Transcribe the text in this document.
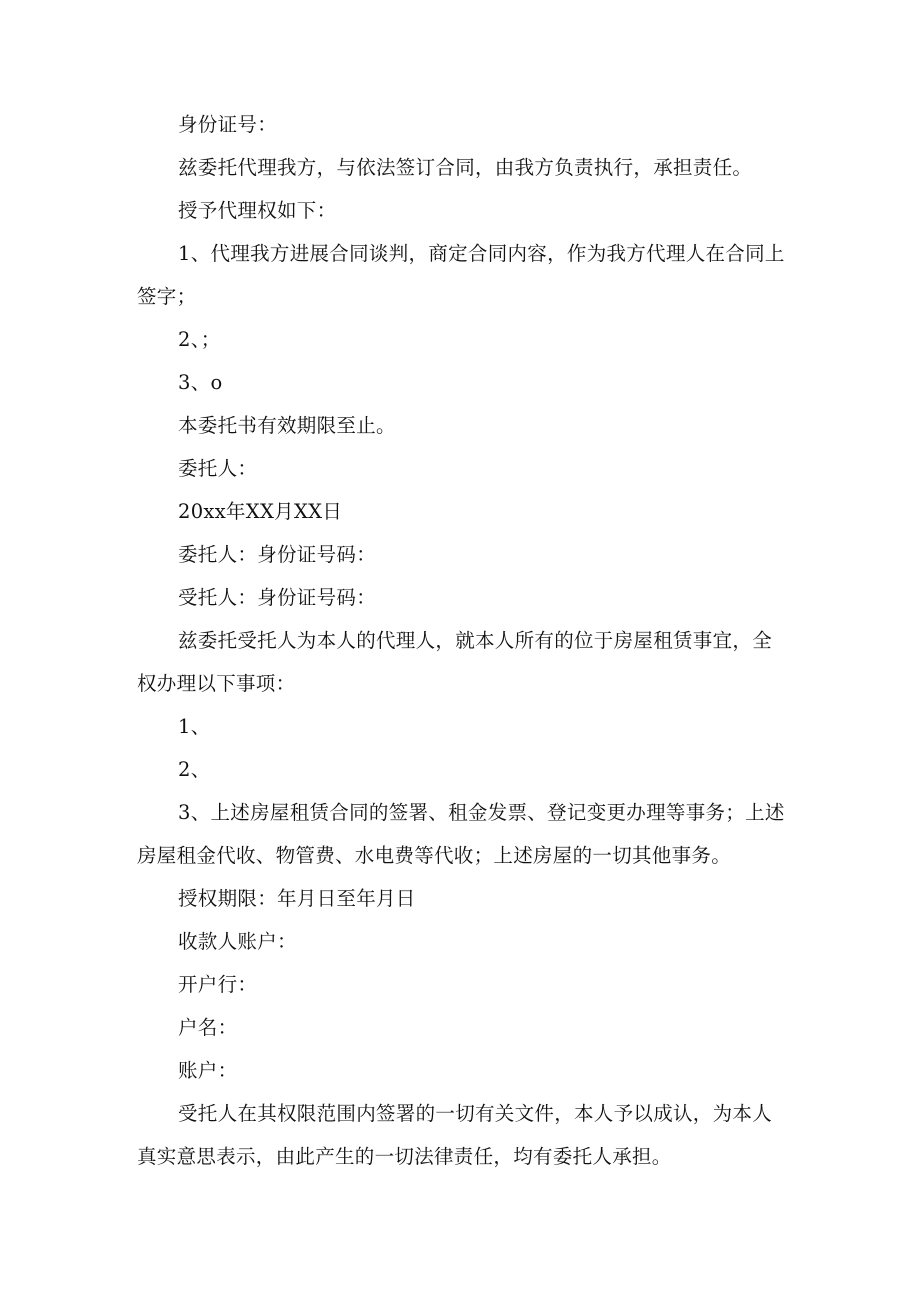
身份证号：

兹委托代理我方，与依法签订合同，由我方负责执行，承担责任。

授予代理权如下：

1、代理我方进展合同谈判，商定合同内容，作为我方代理人在合同上签字；

2、；

3、o

本委托书有效期限至止。

委托人：

20xx年XX月XX日

委托人：身份证号码：

受托人：身份证号码：

兹委托受托人为本人的代理人，就本人所有的位于房屋租赁事宜，全权办理以下事项：

1、

2、

3、上述房屋租赁合同的签署、租金发票、登记变更办理等事务；上述房屋租金代收、物管费、水电费等代收；上述房屋的一切其他事务。

授权期限：年月日至年月日

收款人账户：

开户行：

户名：

账户：

受托人在其权限范围内签署的一切有关文件，本人予以成认，为本人真实意思表示，由此产生的一切法律责任，均有委托人承担。
